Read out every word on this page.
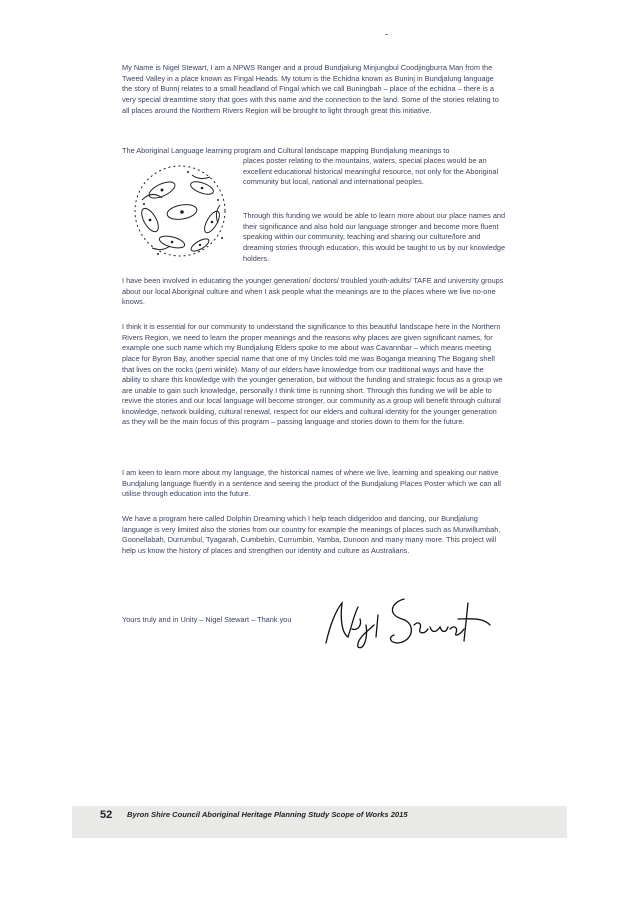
My Name is Nigel Stewart, I am a NPWS Ranger and a proud Bundjalung Minjungbul Coodjingburra Man from the Tweed Valley in a place known as Fingal Heads. My totum is the Echidna known as Buninj in Bundjalung language the story of Bunnj relates to a small headland of Fingal which we call Buningbah – place of the echidna – there is a very special dreamtime story that goes with this name and the connection to the land. Some of the stories relating to all places around the Northern Rivers Region will be brought to light through great this initiative.

The Aboriginal Language learning program and Cultural landscape mapping Bundjalung meanings to

places poster relating to the mountains, waters, special places would be an excellent educational historical meaningful resource, not only for the Aboriginal community but local, national and international peoples.

Through this funding we would be able to learn more about our place names and their significance and also hold our language stronger and become more fluent speaking within our community, teaching and sharing our culture/lore and dreaming stories through education, this would be taught to us by our knowledge holders.

I have been involved in educating the younger generation/ doctors/ troubled youth-adults/ TAFE and university groups about our local Aboriginal culture and when I ask people what the meanings are to the places where we live no-one knows.

I think it is essential for our community to understand the significance to this beautiful landscape here in the Northern Rivers Region, we need to learn the proper meanings and the reasons why places are given significant names, for example one such name which my Bundjalung Elders spoke to me about was Cavannbar – which means meeting place for Byron Bay, another special name that one of my Uncles told me was Boganga meaning The Bogang shell that lives on the rocks (perri winkle). Many of our elders have knowledge from our traditional ways and have the ability to share this knowledge with the younger generation, but without the funding and strategic focus as a group we are unable to gain such knowledge, personally I think time is running short. Through this funding we will be able to revive the stories and our local language will become stronger, our community as a group will benefit through cultural knowledge, network building, cultural renewal, respect for our elders and cultural identity for the younger generation as they will be the main focus of this program – passing language and stories down to them for the future.

I am keen to learn more about my language, the historical names of where we live, learning and speaking our native Bundjalung language fluently in a sentence and seeing the product of the Bundjalung Places Poster which we can all utilise through education into the future.

We have a program here called Dolphin Dreaming which I help teach didgeridoo and dancing, our Bundjalung language is very limited also the stories from our country for example the meanings of places such as Murwillumbah, Goonellabah, Durrumbul, Tyagarah, Cumbebin, Currumbin, Yamba, Dunoon and many many more. This project will help us know the history of places and strengthen our identity and culture as Australians.

Yours truly and in Unity – Nigel Stewart – Thank you
52 Byron Shire Council Aboriginal Heritage Planning Study Scope of Works 2015
